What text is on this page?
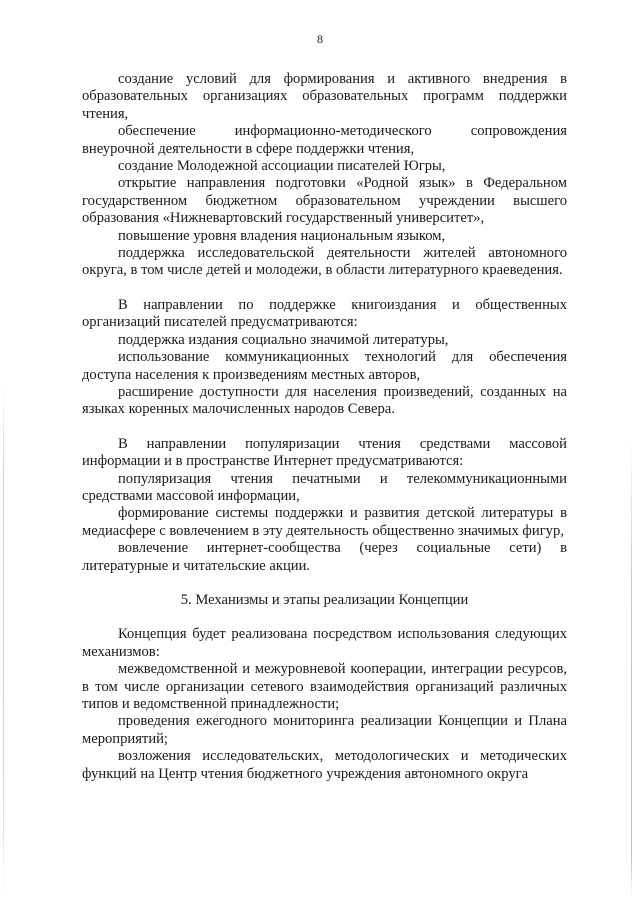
8

создание условий для формирования и активного внедрения в образовательных организациях образовательных программ поддержки чтения,

обеспечение информационно-методического сопровождения внеурочной деятельности в сфере поддержки чтения,

создание Молодежной ассоциации писателей Югры,

открытие направления подготовки «Родной язык» в Федеральном государственном бюджетном образовательном учреждении высшего образования «Нижневартовский государственный университет»,

повышение уровня владения национальным языком,

поддержка исследовательской деятельности жителей автономного округа, в том числе детей и молодежи, в области литературного краеведения.

В направлении по поддержке книгоиздания и общественных организаций писателей предусматриваются:

поддержка издания социально значимой литературы,

использование коммуникационных технологий для обеспечения доступа населения к произведениям местных авторов,

расширение доступности для населения произведений, созданных на языках коренных малочисленных народов Севера.

В направлении популяризации чтения средствами массовой информации и в пространстве Интернет предусматриваются:

популяризация чтения печатными и телекоммуникационными средствами массовой информации,

формирование системы поддержки и развития детской литературы в медиасфере с вовлечением в эту деятельность общественно значимых фигур,

вовлечение интернет-сообщества (через социальные сети) в литературные и читательские акции.

5. Механизмы и этапы реализации Концепции

Концепция будет реализована посредством использования следующих механизмов:

межведомственной и межуровневой кооперации, интеграции ресурсов, в том числе организации сетевого взаимодействия организаций различных типов и ведомственной принадлежности;

проведения ежегодного мониторинга реализации Концепции и Плана мероприятий;

возложения исследовательских, методологических и методических функций на Центр чтения бюджетного учреждения автономного округа
